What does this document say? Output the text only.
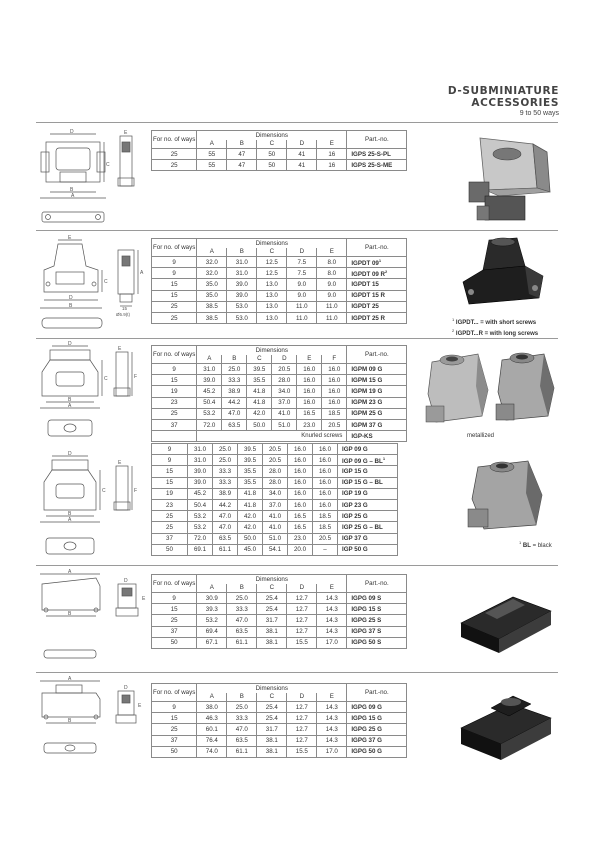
D-SUBMINIATURE
ACCESSORIES
9 to 50 ways
D
C
B
A
E
For no. of ways	Dimensions					Part.-no.
	A	B	C	D	E	
25	55	47	50	41	16	IGPS 25-S-PL
25	55	47	50	41	16	IGPS 25-S-ME
E
C
D
B
A
15
Ø5.9(t)
For no. of ways	Dimensions					Part.-no.
	A	B	C	D	E	
9	32.0	31.0	12.5	7.5	8.0	IGPDT $09^1$
9	32.0	31.0	12.5	7.5	8.0	IGPDT 09 $R^2$
15	35.0	39.0	13.0	9.0	9.0	IGPDT 15
15	35.0	39.0	13.0	9.0	9.0	IGPDT 15 R
25	38.5	53.0	13.0	11.0	11.0	IGPDT 25
25	38.5	53.0	13.0	11.0	11.0	IGPDT 25 R	$^1$ IGPDT... = with short screws
$^2$ IGPDT...R = with long screws
D
C
B
A
E
F
For no. of ways	Dimensions						Part.-no.
	A	B	C	D	E	F	
9	31.0	25.0	39.5	20.5	16.0	16.0	IGPM 09 G
15	39.0	33.3	35.5	28.0	16.0	16.0	IGPM 15 G
19	45.2	38.9	41.8	34.0	16.0	16.0	IGPM 19 G
23	50.4	44.2	41.8	37.0	16.0	16.0	IGPM 23 G
25	53.2	47.0	42.0	41.0	16.5	18.5	IGPM 25 G
37	72.0	63.5	50.0	51.0	23.0	20.5	IGPM 37 G
	Knurled screws						IGP-KS	metallized
D
C
B
A
E
F
9	31.0	25.0	39.5	20.5	16.0	16.0	IGP 09 G
9	31.0	25.0	39.5	20.5	16.0	16.0	IGP 09 G – $BL^1$
15	39.0	33.3	35.5	28.0	16.0	16.0	IGP 15 G
15	39.0	33.3	35.5	28.0	16.0	16.0	IGP 15 G – BL
19	45.2	38.9	41.8	34.0	16.0	16.0	IGP 19 G
23	50.4	44.2	41.8	37.0	16.0	16.0	IGP 23 G
25	53.2	47.0	42.0	41.0	16.5	18.5	IGP 25 G
25	53.2	47.0	42.0	41.0	16.5	18.5	IGP 25 G – BL
37	72.0	63.5	50.0	51.0	23.0	20.5	IGP 37 G
50	69.1	61.1	45.0	54.1	20.0	–	IGP 50 G
$^1$ BL = black
A
B
D
E
For no. of ways	Dimensions					Part.-no.
	A	B	C	D	E	
9	30.9	25.0	25.4	12.7	14.3	IGPG 09 S
15	39.3	33.3	25.4	12.7	14.3	IGPG 15 S
25	53.2	47.0	31.7	12.7	14.3	IGPG 25 S
37	69.4	63.5	38.1	12.7	14.3	IGPG 37 S
50	67.1	61.1	38.1	15.5	17.0	IGPG 50 S
A
B
D
E
For no. of ways	Dimensions					Part.-no.
	A	B	C	D	E	
9	38.0	25.0	25.4	12.7	14.3	IGPG 09 G
15	46.3	33.3	25.4	12.7	14.3	IGPG 15 G
25	60.1	47.0	31.7	12.7	14.3	IGPG 25 G
37	76.4	63.5	38.1	12.7	14.3	IGPG 37 G
50	74.0	61.1	38.1	15.5	17.0	IGPG 50 G
